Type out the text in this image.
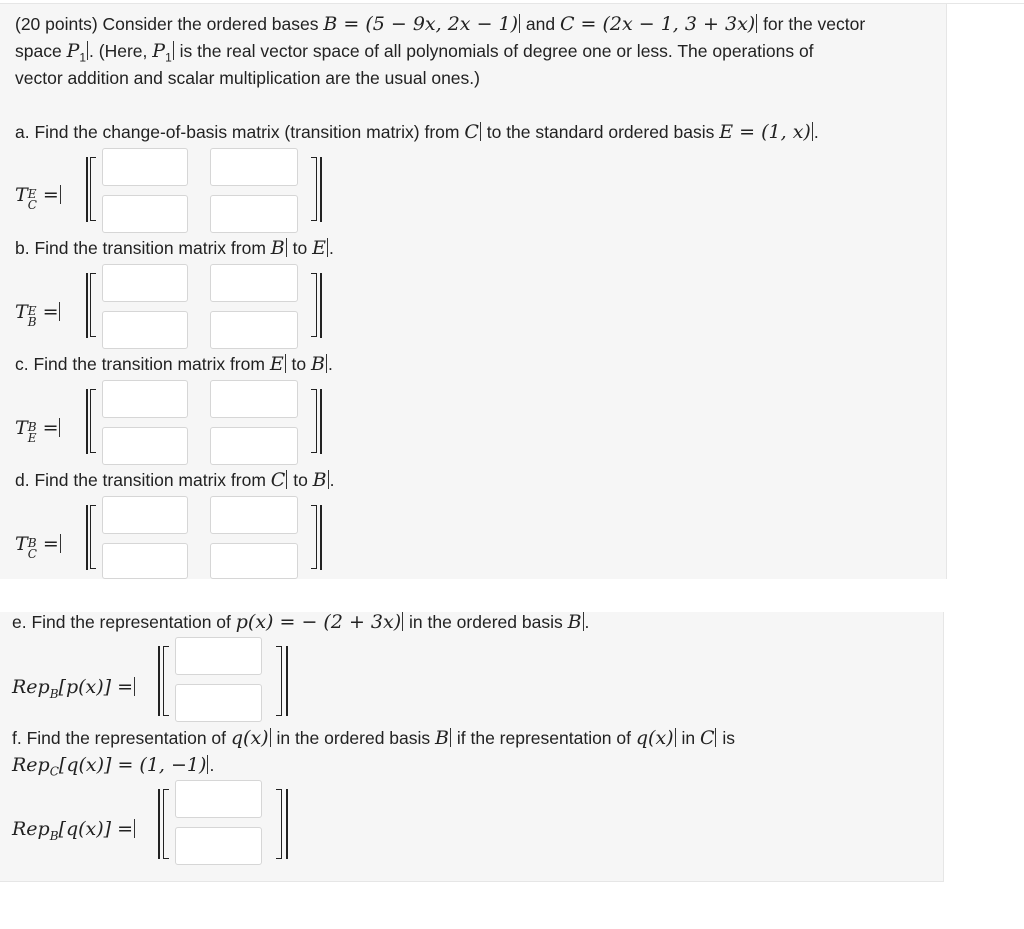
(20 points) Consider the ordered bases B = (5 − 9x, 2x − 1) and C = (2x − 1, 3 + 3x) for the vector
space $P_1$ . (Here, $P_1$ is the real vector space of all polynomials of degree one or less. The operations of
vector addition and scalar multiplication are the usual ones.)
a. Find the change-of-basis matrix (transition matrix) from C to the standard ordered basis E = (1, x) .
T E
C =
b. Find the transition matrix from B to E .
T E
B =
c. Find the transition matrix from E to B .
T B
E =
d. Find the transition matrix from C to B .
T B
C =
e. Find the representation of p(x) = − (2 + 3x) in the ordered basis B .
Rep$_B$[p(x)] =
f. Find the representation of q(x) in the ordered basis B if the representation of q(x) in C is
Rep$_C$[q(x)] = (1, −1) .
Rep$_B$[q(x)] =
